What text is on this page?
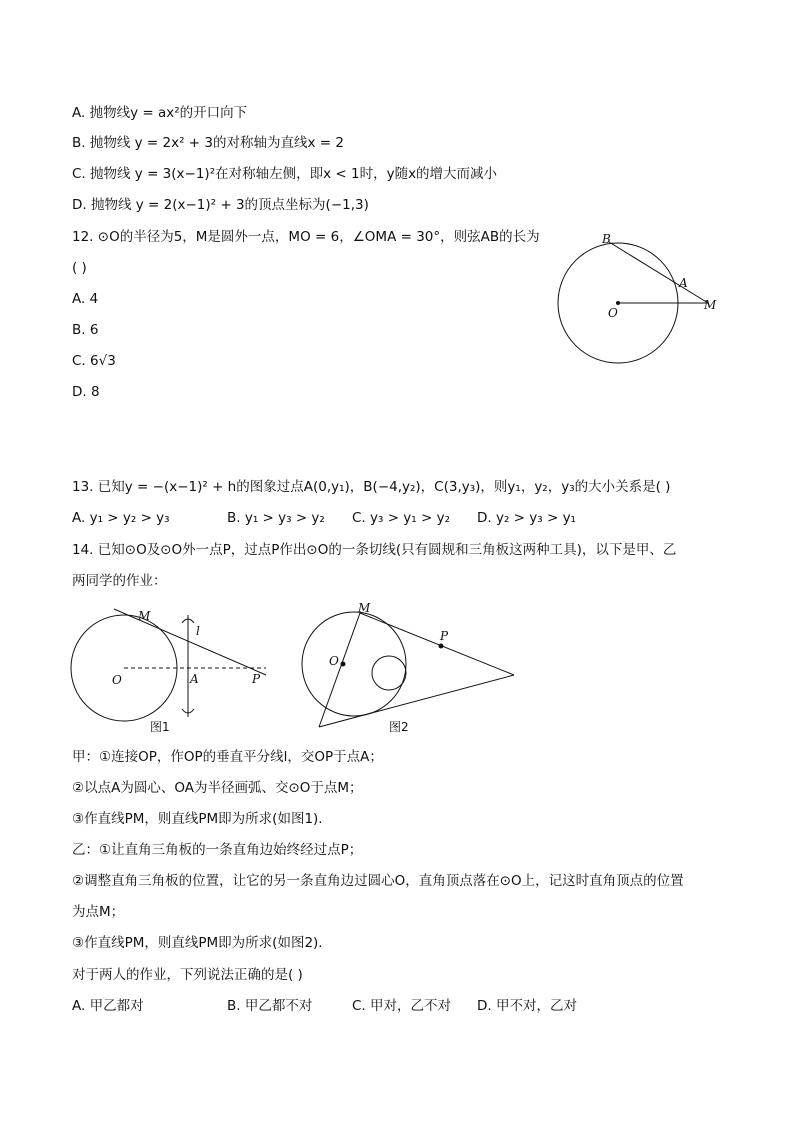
A. 抛物线y = ax²的开口向下
B. 抛物线 y = 2x² + 3的对称轴为直线x = 2
C. 抛物线 y = 3(x−1)²在对称轴左侧，即x < 1时，y随x的增大而减小
D. 抛物线 y = 2(x−1)² + 3的顶点坐标为(−1,3)
12. ⊙O的半径为5，M是圆外一点，MO = 6，∠OMA = 30°，则弦AB的长为
( )
A. 4
B. 6
C. 6√3
D. 8
B
A
O
M
13. 已知y = −(x−1)² + h的图象过点A(0,y₁)，B(−4,y₂)，C(3,y₃)，则y₁，y₂，y₃的大小关系是( )
A. y₁ > y₂ > y₃	B. y₁ > y₃ > y₂ C. y₃ > y₁ > y₂ D. y₂ > y₃ > y₁
14. 已知⊙O及⊙O外一点P，过点P作出⊙O的一条切线(只有圆规和三角板这两种工具)，以下是甲、乙
两同学的作业：
M
l
O	A	P
图1
M
P
O
图2
甲：①连接OP，作OP的垂直平分线l，交OP于点A；
②以点A为圆心、OA为半径画弧、交⊙O于点M；
③作直线PM，则直线PM即为所求(如图1).
乙：①让直角三角板的一条直角边始终经过点P；
②调整直角三角板的位置，让它的另一条直角边过圆心O，直角顶点落在⊙O上，记这时直角顶点的位置
为点M；
③作直线PM，则直线PM即为所求(如图2).
对于两人的作业，下列说法正确的是( )
A. 甲乙都对	B. 甲乙都不对	C. 甲对，乙不对 D. 甲不对，乙对
